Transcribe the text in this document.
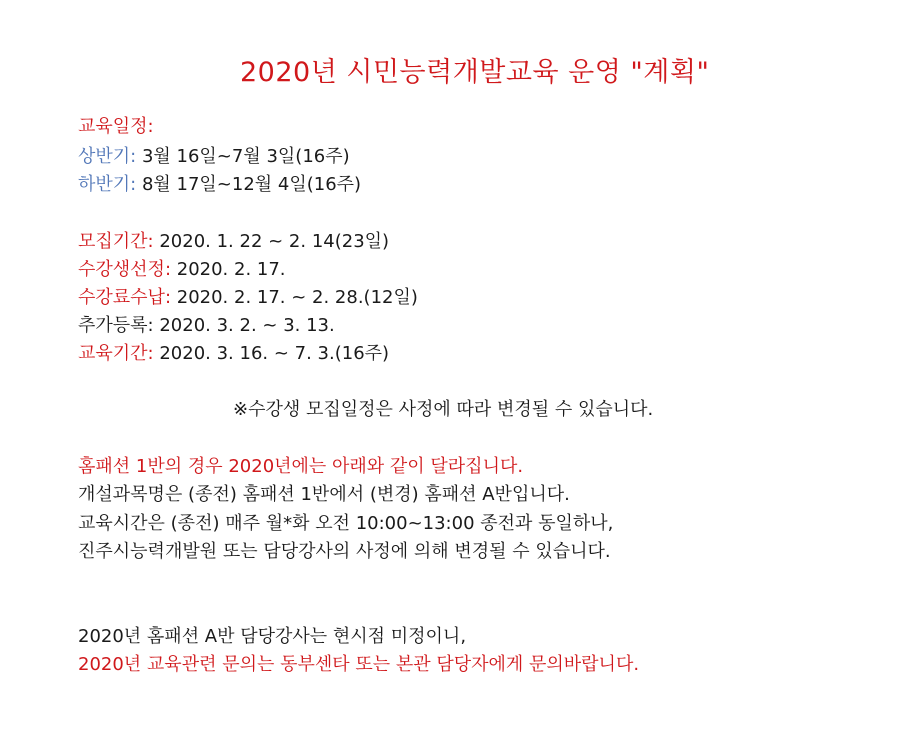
2020년 시민능력개발교육 운영 "계획"
교육일정:
상반기: 3월 16일~7월 3일(16주)
하반기: 8월 17일~12월 4일(16주)
모집기간: 2020. 1. 22 ~ 2. 14(23일)
수강생선정: 2020. 2. 17.
수강료수납: 2020. 2. 17. ~ 2. 28.(12일)
추가등록: 2020. 3. 2. ~ 3. 13.
교육기간: 2020. 3. 16. ~ 7. 3.(16주)
※수강생 모집일정은 사정에 따라 변경될 수 있습니다.
홈패션 1반의 경우 2020년에는 아래와 같이 달라집니다.
개설과목명은 (종전) 홈패션 1반에서 (변경) 홈패션 A반입니다.
교육시간은 (종전) 매주 월*화 오전 10:00~13:00 종전과 동일하나,
진주시능력개발원 또는 담당강사의 사정에 의해 변경될 수 있습니다.
2020년 홈패션 A반 담당강사는 현시점 미정이니,
2020년 교육관련 문의는 동부센타 또는 본관 담당자에게 문의바랍니다.
